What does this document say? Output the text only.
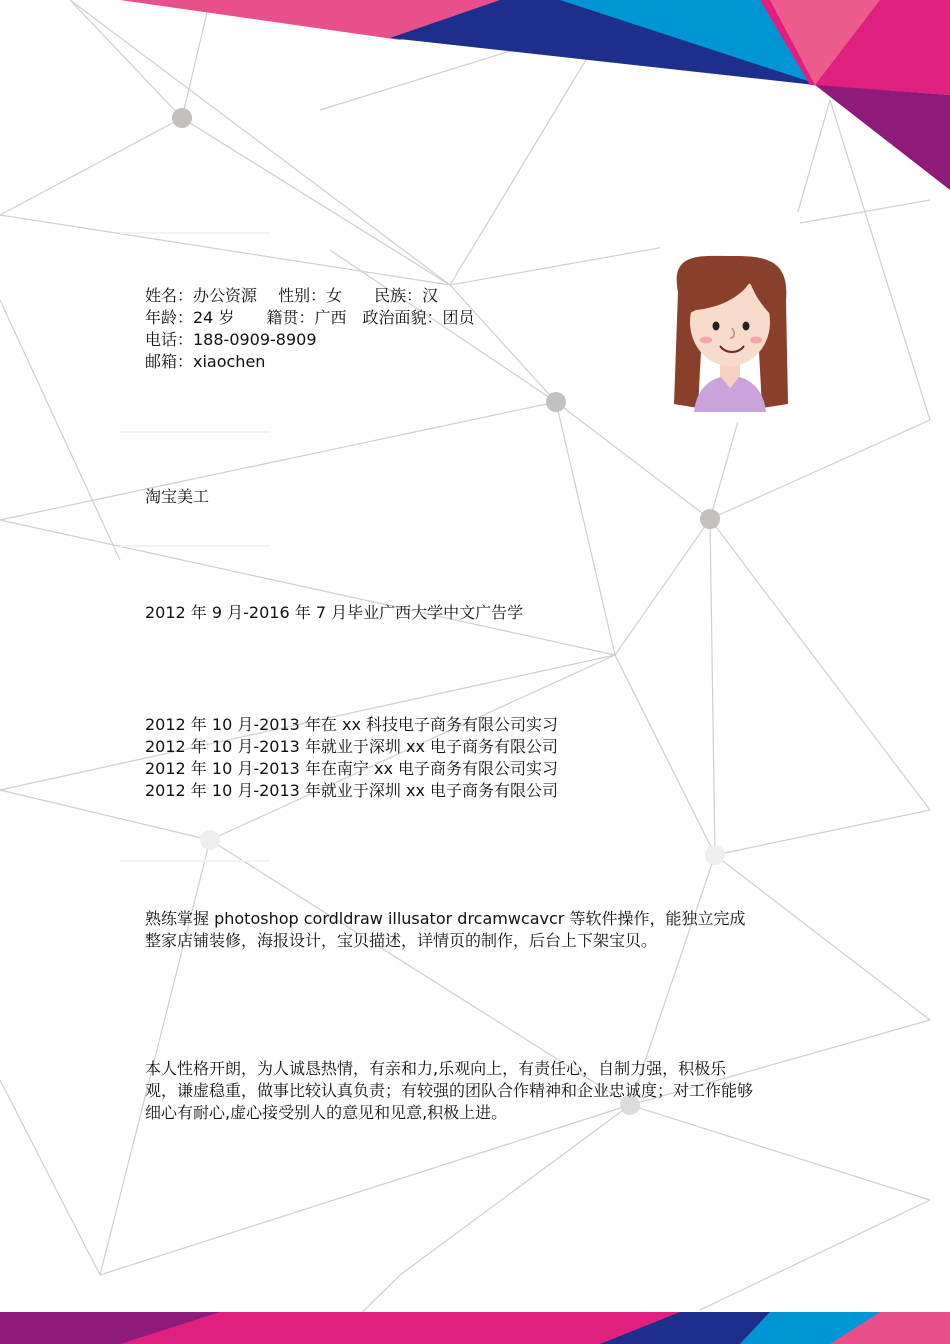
姓名：办公资源　 性别：女　　民族：汉
年龄：24 岁　　籍贯：广西　政治面貌：团员
电话：188-0909-8909
邮箱：xiaochen
淘宝美工
2012 年 9 月-2016 年 7 月毕业广西大学中文广告学
2012 年 10 月-2013 年在 xx 科技电子商务有限公司实习
2012 年 10 月-2013 年就业于深圳 xx 电子商务有限公司
2012 年 10 月-2013 年在南宁 xx 电子商务有限公司实习
2012 年 10 月-2013 年就业于深圳 xx 电子商务有限公司
熟练掌握 photoshop cordldraw illusator drcamwcavcr 等软件操作，能独立完成整家店铺装修，海报设计，宝贝描述，详情页的制作，后台上下架宝贝。
本人性格开朗，为人诚恳热情，有亲和力,乐观向上，有责任心，自制力强，积极乐观，谦虚稳重，做事比较认真负责；有较强的团队合作精神和企业忠诚度；对工作能够细心有耐心,虚心接受别人的意见和见意,积极上进。
